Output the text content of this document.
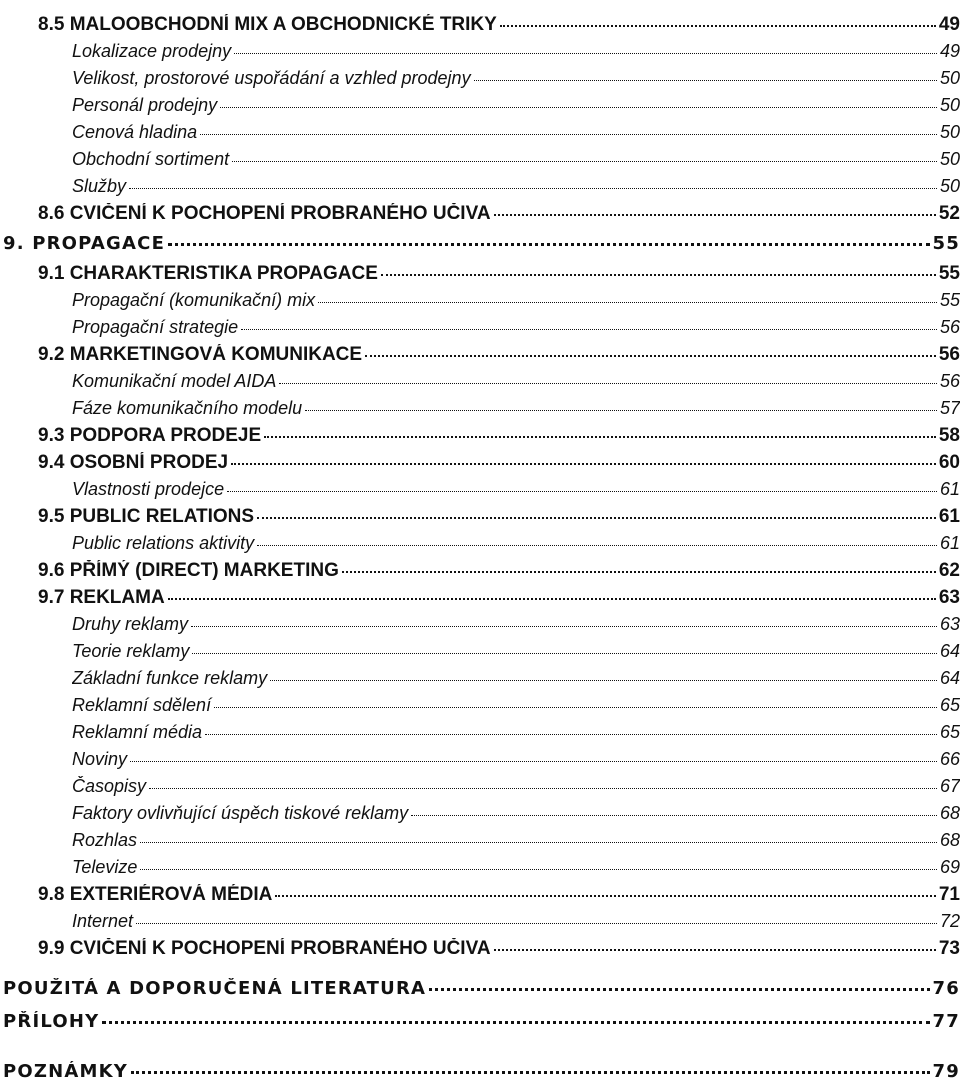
8.5 MALOOBCHODNÍ MIX A OBCHODNICKÉ TRIKY	49
Lokalizace prodejny	49
Velikost, prostorové uspořádání a vzhled prodejny	50
Personál prodejny	50
Cenová hladina	50
Obchodní sortiment	50
Služby	50
8.6 CVIČENÍ K POCHOPENÍ PROBRANÉHO UČIVA	52
9. PROPAGACE	55
9.1 CHARAKTERISTIKA PROPAGACE	55
Propagační (komunikační) mix	55
Propagační strategie	56
9.2 MARKETINGOVÁ KOMUNIKACE	56
Komunikační model AIDA	56
Fáze komunikačního modelu	57
9.3 PODPORA PRODEJE	58
9.4 OSOBNÍ PRODEJ	60
Vlastnosti prodejce	61
9.5 PUBLIC RELATIONS	61
Public relations aktivity	61
9.6 PŘÍMÝ (DIRECT) MARKETING	62
9.7 REKLAMA	63
Druhy reklamy	63
Teorie reklamy	64
Základní funkce reklamy	64
Reklamní sdělení	65
Reklamní média	65
Noviny	66
Časopisy	67
Faktory ovlivňující úspěch tiskové reklamy	68
Rozhlas	68
Televize	69
9.8 EXTERIÉROVÁ MÉDIA	71
Internet	72
9.9 CVIČENÍ K POCHOPENÍ PROBRANÉHO UČIVA	73
POUŽITÁ A DOPORUČENÁ LITERATURA	76
PŘÍLOHY	77
POZNÁMKY	79
